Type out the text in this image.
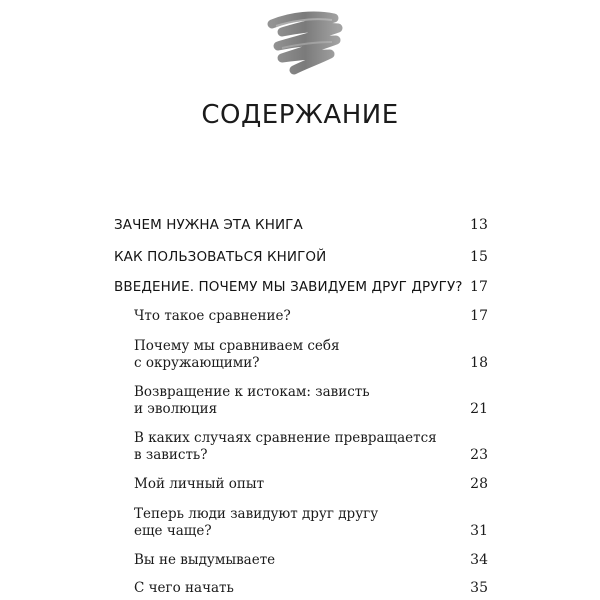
СОДЕРЖАНИЕ
ЗАЧЕМ НУЖНА ЭТА КНИГА	13
КАК ПОЛЬЗОВАТЬСЯ КНИГОЙ	15
ВВЕДЕНИЕ. ПОЧЕМУ МЫ ЗАВИДУЕМ ДРУГ ДРУГУ? 17
Что такое сравнение?	17
Почему мы сравниваем себя
с окружающими?	18
Возвращение к истокам: зависть
и эволюция	21
В каких случаях сравнение превращается
в зависть?	23
Мой личный опыт	28
Теперь люди завидуют друг другу
еще чаще?	31
Вы не выдумываете	34
С чего начать	35
